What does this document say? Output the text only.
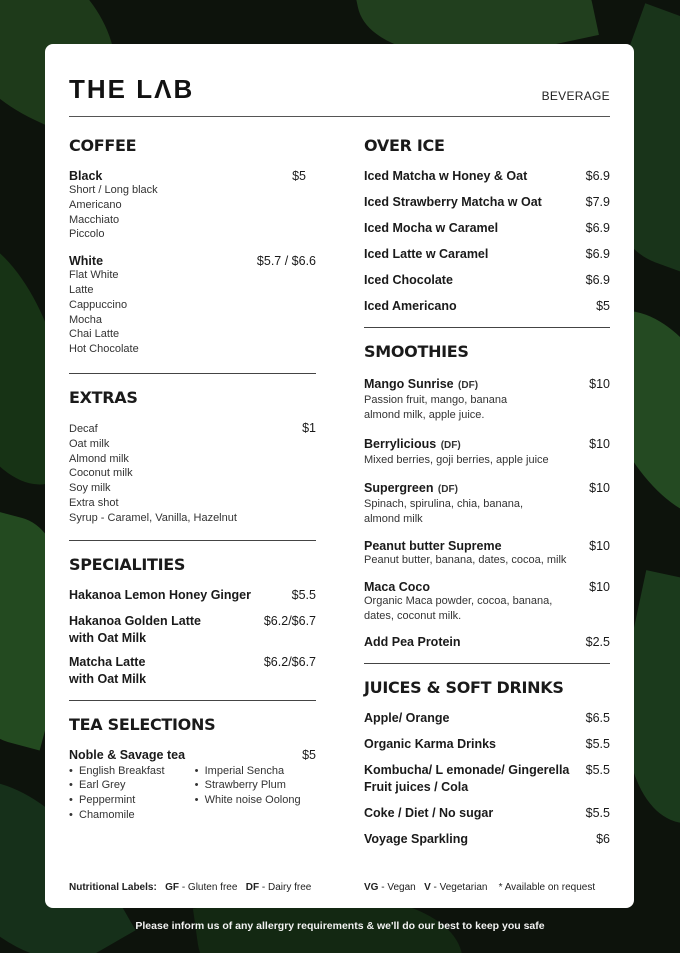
THE LΛB	BEVERAGE
COFFEE
Black	$5
Short / Long black
Americano
Macchiato
Piccolo
White	$5.7 / $6.6
Flat White
Latte
Cappuccino
Mocha
Chai Latte
Hot Chocolate
EXTRAS
Decaf	$1
Oat milk
Almond milk
Coconut milk
Soy milk
Extra shot
Syrup - Caramel, Vanilla, Hazelnut
SPECIALITIES
Hakanoa Lemon Honey Ginger	$5.5
Hakanoa Golden Latte	$6.2/$6.7
with Oat Milk
Matcha Latte	$6.2/$6.7
with Oat Milk
TEA SELECTIONS
Noble & Savage tea	$5
• English Breakfast
• Earl Grey
• Peppermint
• Chamomile
• Imperial Sencha
• Strawberry Plum
• White noise Oolong
OVER ICE
Iced Matcha w Honey & Oat	$6.9
Iced Strawberry Matcha w Oat	$7.9
Iced Mocha w Caramel	$6.9
Iced Latte w Caramel	$6.9
Iced Chocolate	$6.9
Iced Americano	$5
SMOOTHIES
Mango Sunrise (DF)	$10
Passion fruit, mango, banana
almond milk, apple juice.
Berrylicious (DF)	$10
Mixed berries, goji berries, apple juice
Supergreen (DF)	$10
Spinach, spirulina, chia, banana,
almond milk
Peanut butter Supreme	$10
Peanut butter, banana, dates, cocoa, milk
Maca Coco	$10
Organic Maca powder, cocoa, banana,
dates, coconut milk.
Add Pea Protein	$2.5
JUICES & SOFT DRINKS
Apple/ Orange	$6.5
Organic Karma Drinks	$5.5
Kombucha/ L emonade/ Gingerella $5.5
Fruit juices / Cola
Coke / Diet / No sugar	$5.5
Voyage Sparkling	$6
Nutritional Labels: GF - Gluten free DF - Dairy free	VG - Vegan V - Vegetarian * Available on request
Please inform us of any allergry requirements & we'll do our best to keep you safe
